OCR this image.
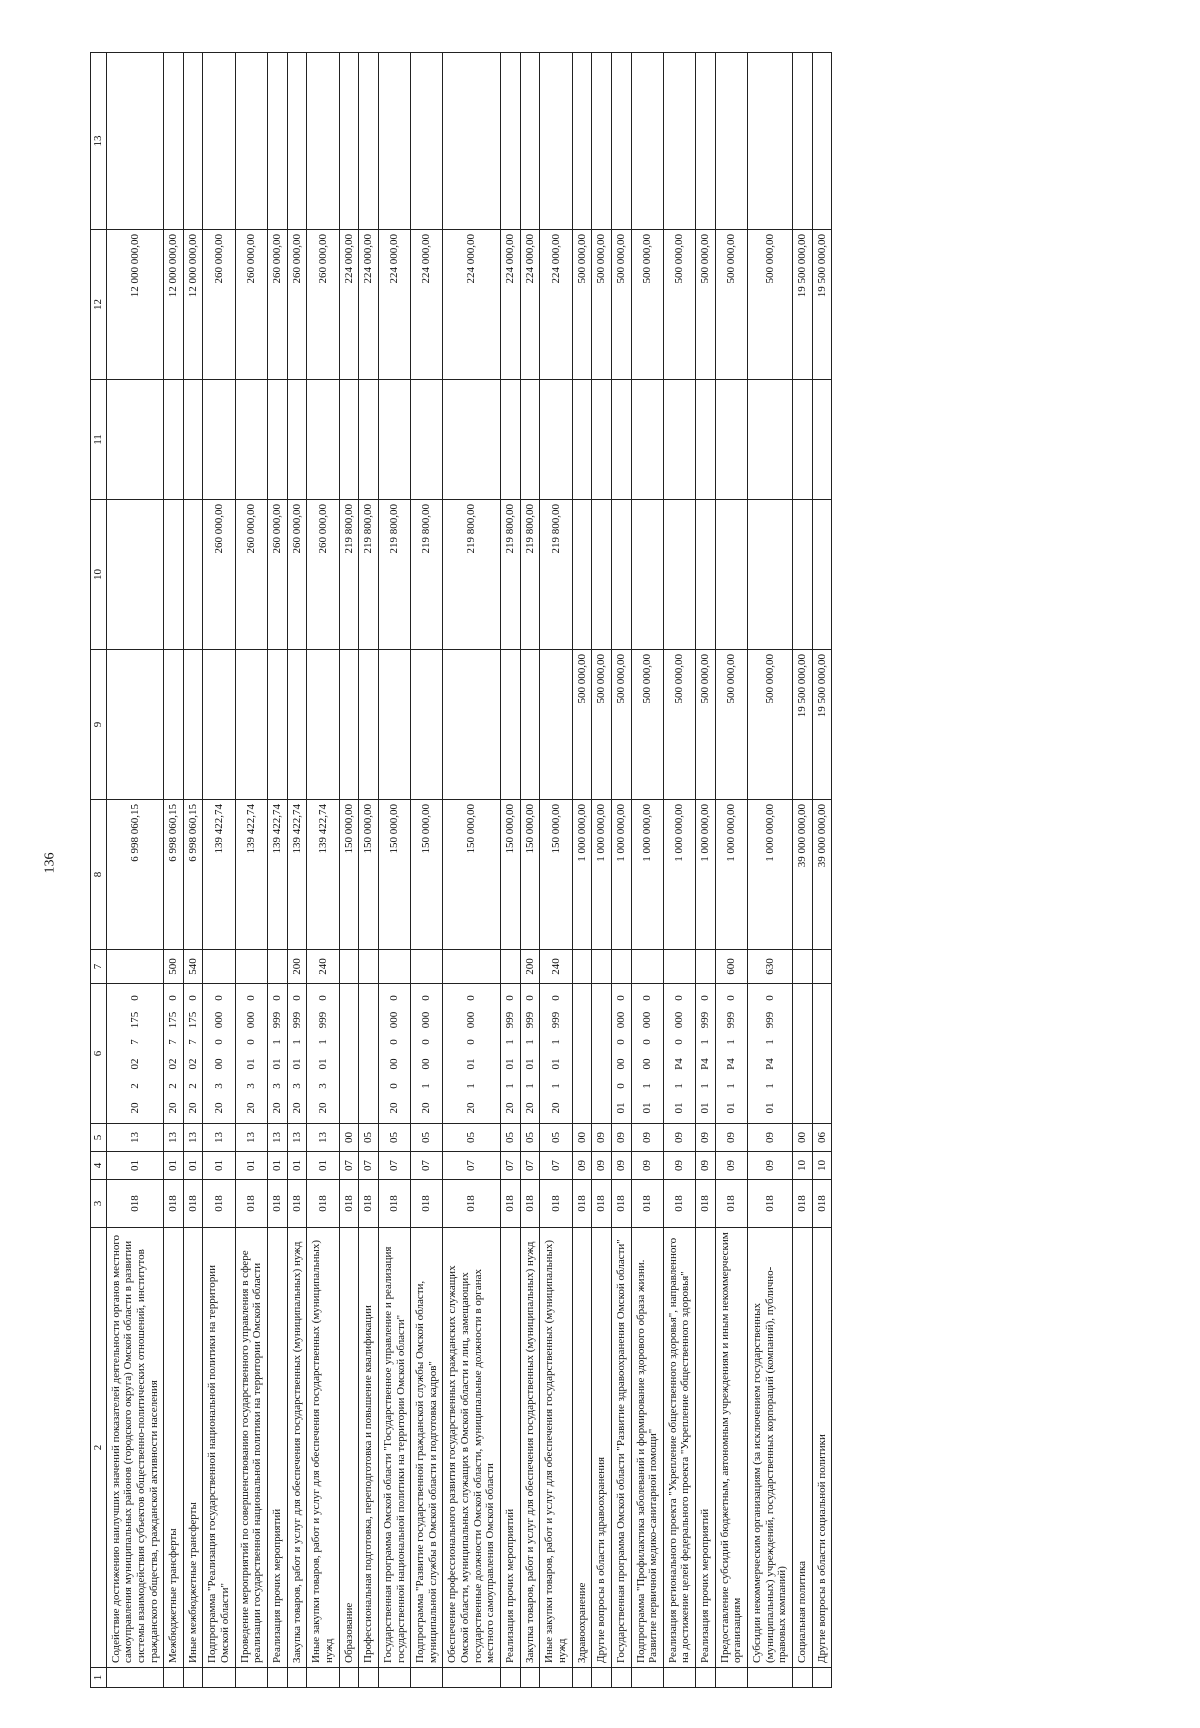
136
1	2	3	4	5	6	7	8	9	10	11	12	13
	Содействие достижению наилучших значений показателей деятельности органов местного самоуправления муниципальных районов (городского округа) Омской области в развитии системы взаимодействия субъектов общественно-политических отношений, институтов гражданского общества, гражданской активности населения	018	01	13	2020271750		6 998 060,15				12 000 000,00	
	Межбюджетные трансферты	018	01	13	2020271750	500	6 998 060,15				12 000 000,00	
	Иные межбюджетные трансферты	018	01	13	2020271750	540	6 998 060,15				12 000 000,00	
	Подпрограмма "Реализация государственной национальной политики на территории Омской области"	018	01	13	2030000000		139 422,74		260 000,00		260 000,00	
	Проведение мероприятий по совершенствованию государственного управления в сфере реализации государственной национальной политики на территории Омской области	018	01	13	2030100000		139 422,74		260 000,00		260 000,00	
	Реализация прочих мероприятий	018	01	13	2030119990		139 422,74		260 000,00		260 000,00	
	Закупка товаров, работ и услуг для обеспечения государственных (муниципальных) нужд	018	01	13	2030119990	200	139 422,74		260 000,00		260 000,00	
	Иные закупки товаров, работ и услуг для обеспечения государственных (муниципальных) нужд	018	01	13	2030119990	240	139 422,74		260 000,00		260 000,00	
	Образование	018	07	00			150 000,00		219 800,00		224 000,00	
	Профессиональная подготовка, переподготовка и повышение квалификации	018	07	05			150 000,00		219 800,00		224 000,00	
	Государственная программа Омской области "Государственное управление и реализация государственной национальной политики на территории Омской области"	018	07	05	2000000000		150 000,00		219 800,00		224 000,00	
	Подпрограмма "Развитие государственной гражданской службы Омской области, муниципальной службы в Омской области и подготовка кадров"	018	07	05	2010000000		150 000,00		219 800,00		224 000,00	
	Обеспечение профессионального развития государственных гражданских служащих Омской области, муниципальных служащих в Омской области и лиц, замещающих государственные должности Омской области, муниципальные должности в органах местного самоуправления Омской области	018	07	05	2010100000		150 000,00		219 800,00		224 000,00	
	Реализация прочих мероприятий	018	07	05	2010119990		150 000,00		219 800,00		224 000,00	
	Закупка товаров, работ и услуг для обеспечения государственных (муниципальных) нужд	018	07	05	2010119990	200	150 000,00		219 800,00		224 000,00	
	Иные закупки товаров, работ и услуг для обеспечения государственных (муниципальных) нужд	018	07	05	2010119990	240	150 000,00		219 800,00		224 000,00	
	Здравоохранение	018	09	00			1 000 000,00	500 000,00			500 000,00	
	Другие вопросы в области здравоохранения	018	09	09			1 000 000,00	500 000,00			500 000,00	
	Государственная программа Омской области "Развитие здравоохранения Омской области"	018	09	09	0100000000		1 000 000,00	500 000,00			500 000,00	
	Подпрограмма "Профилактика заболеваний и формирование здорового образа жизни. Развитие первичной медико-санитарной помощи"	018	09	09	0110000000		1 000 000,00	500 000,00			500 000,00	
	Реализация регионального проекта "Укрепление общественного здоровья", направленного на достижение целей федерального проекта "Укрепление общественного здоровья"	018	09	09	011P400000		1 000 000,00	500 000,00			500 000,00	
	Реализация прочих мероприятий	018	09	09	011P419990		1 000 000,00	500 000,00			500 000,00	
	Предоставление субсидий бюджетным, автономным учреждениям и иным некоммерческим организациям	018	09	09	011P419990	600	1 000 000,00	500 000,00			500 000,00	
	Субсидии некоммерческим организациям (за исключением государственных (муниципальных) учреждений, государственных корпораций (компаний), публично-правовых компаний)	018	09	09	011P419990	630	1 000 000,00	500 000,00			500 000,00	
	Социальная политика	018	10	00			39 000 000,00	19 500 000,00			19 500 000,00	
	Другие вопросы в области социальной политики	018	10	06			39 000 000,00	19 500 000,00			19 500 000,00	
